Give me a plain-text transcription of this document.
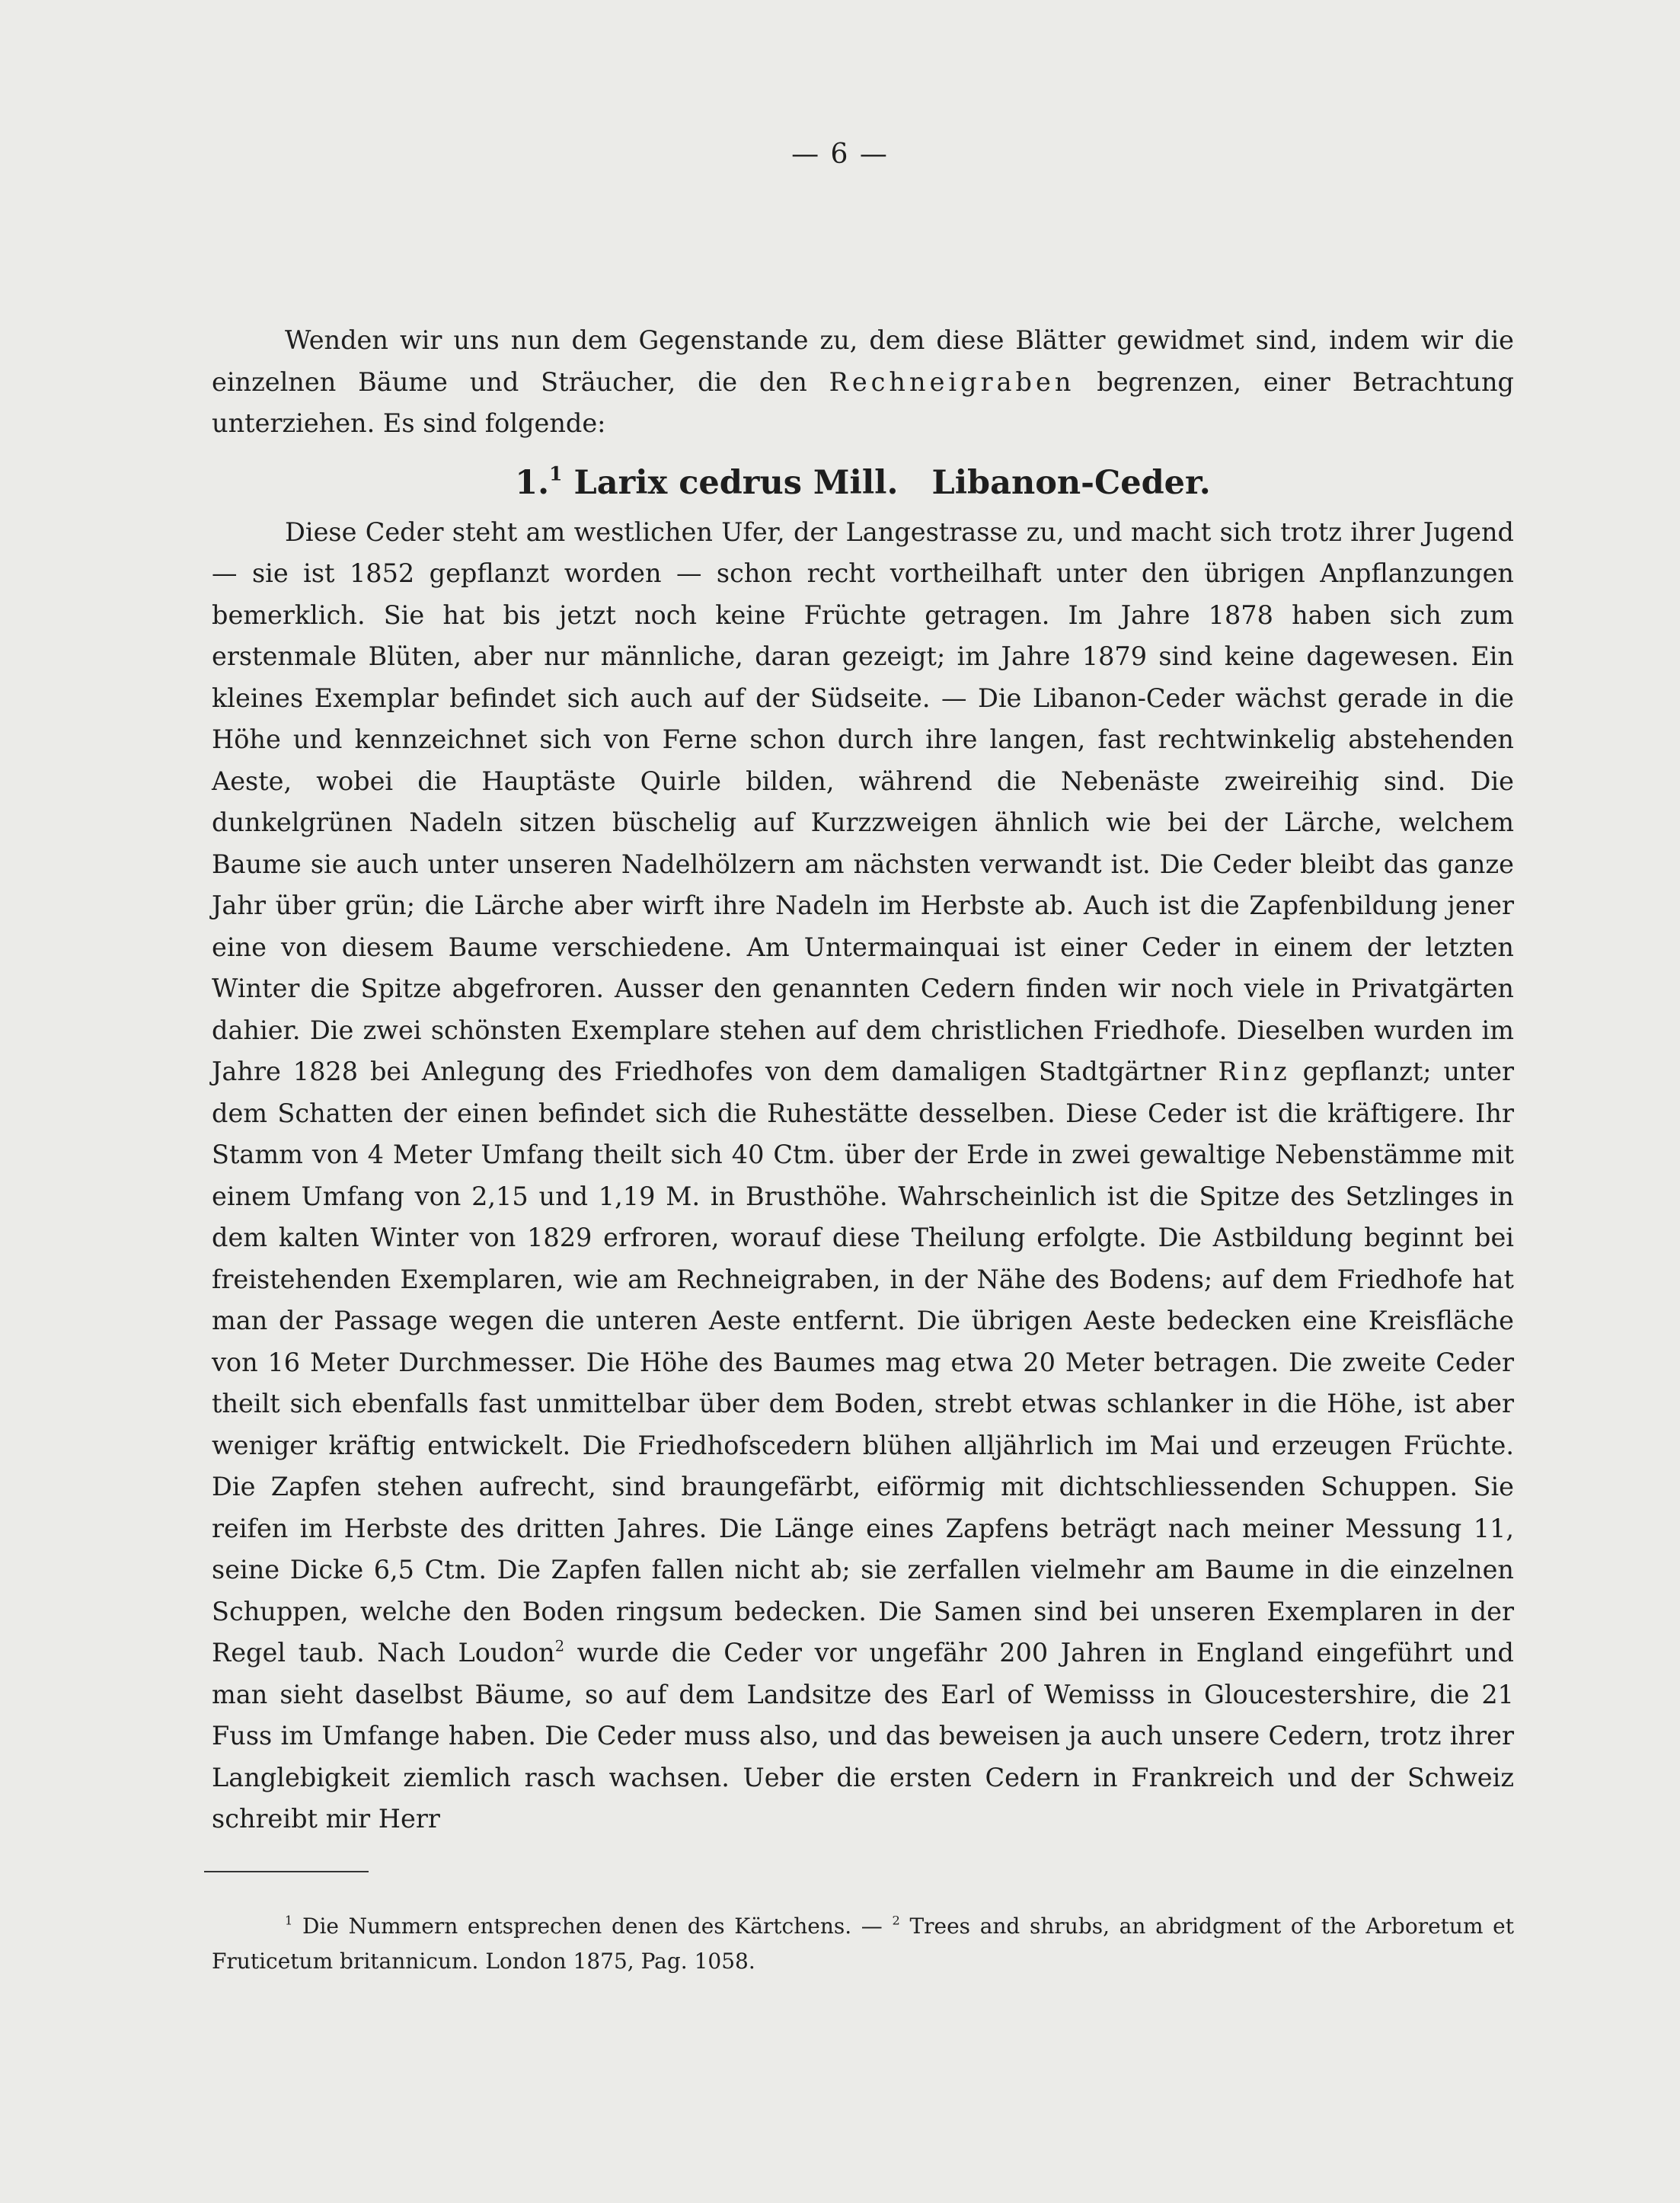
— 6 —

Wenden wir uns nun dem Gegenstande zu, dem diese Blätter gewidmet sind, indem wir die einzelnen Bäume und Sträucher, die den Rechneigraben begrenzen, einer Betrachtung unterziehen. Es sind folgende:

1.$^1$ Larix cedrus Mill. Libanon-Ceder.

Diese Ceder steht am westlichen Ufer, der Langestrasse zu, und macht sich trotz ihrer Jugend — sie ist 1852 gepflanzt worden — schon recht vortheilhaft unter den übrigen Anpflanzungen bemerklich. Sie hat bis jetzt noch keine Früchte getragen. Im Jahre 1878 haben sich zum erstenmale Blüten, aber nur männliche, daran gezeigt; im Jahre 1879 sind keine dagewesen. Ein kleines Exemplar befindet sich auch auf der Südseite. — Die Libanon-Ceder wächst gerade in die Höhe und kennzeichnet sich von Ferne schon durch ihre langen, fast rechtwinkelig abstehenden Aeste, wobei die Hauptäste Quirle bilden, während die Nebenäste zweireihig sind. Die dunkelgrünen Nadeln sitzen büschelig auf Kurzzweigen ähnlich wie bei der Lärche, welchem Baume sie auch unter unseren Nadelhölzern am nächsten verwandt ist. Die Ceder bleibt das ganze Jahr über grün; die Lärche aber wirft ihre Nadeln im Herbste ab. Auch ist die Zapfenbildung jener eine von diesem Baume verschiedene. Am Untermainquai ist einer Ceder in einem der letzten Winter die Spitze abgefroren. Ausser den genannten Cedern finden wir noch viele in Privatgärten dahier. Die zwei schönsten Exemplare stehen auf dem christlichen Friedhofe. Dieselben wurden im Jahre 1828 bei Anlegung des Friedhofes von dem damaligen Stadtgärtner Rinz gepflanzt; unter dem Schatten der einen befindet sich die Ruhestätte desselben. Diese Ceder ist die kräftigere. Ihr Stamm von 4 Meter Umfang theilt sich 40 Ctm. über der Erde in zwei gewaltige Nebenstämme mit einem Umfang von 2,15 und 1,19 M. in Brusthöhe. Wahrscheinlich ist die Spitze des Setzlinges in dem kalten Winter von 1829 erfroren, worauf diese Theilung erfolgte. Die Astbildung beginnt bei freistehenden Exemplaren, wie am Rechneigraben, in der Nähe des Bodens; auf dem Friedhofe hat man der Passage wegen die unteren Aeste entfernt. Die übrigen Aeste bedecken eine Kreisfläche von 16 Meter Durchmesser. Die Höhe des Baumes mag etwa 20 Meter betragen. Die zweite Ceder theilt sich ebenfalls fast unmittelbar über dem Boden, strebt etwas schlanker in die Höhe, ist aber weniger kräftig entwickelt. Die Friedhofscedern blühen alljährlich im Mai und erzeugen Früchte. Die Zapfen stehen aufrecht, sind braungefärbt, eiförmig mit dichtschliessenden Schuppen. Sie reifen im Herbste des dritten Jahres. Die Länge eines Zapfens beträgt nach meiner Messung 11, seine Dicke 6,5 Ctm. Die Zapfen fallen nicht ab; sie zerfallen vielmehr am Baume in die einzelnen Schuppen, welche den Boden ringsum bedecken. Die Samen sind bei unseren Exemplaren in der Regel taub. Nach Loudon$^2$ wurde die Ceder vor ungefähr 200 Jahren in England eingeführt und man sieht daselbst Bäume, so auf dem Landsitze des Earl of Wemisss in Gloucestershire, die 21 Fuss im Umfange haben. Die Ceder muss also, und das beweisen ja auch unsere Cedern, trotz ihrer Langlebigkeit ziemlich rasch wachsen. Ueber die ersten Cedern in Frankreich und der Schweiz schreibt mir Herr

$^1$ Die Nummern entsprechen denen des Kärtchens. — $^2$ Trees and shrubs, an abridgment of the Arboretum et Fruticetum britannicum. London 1875, Pag. 1058.
